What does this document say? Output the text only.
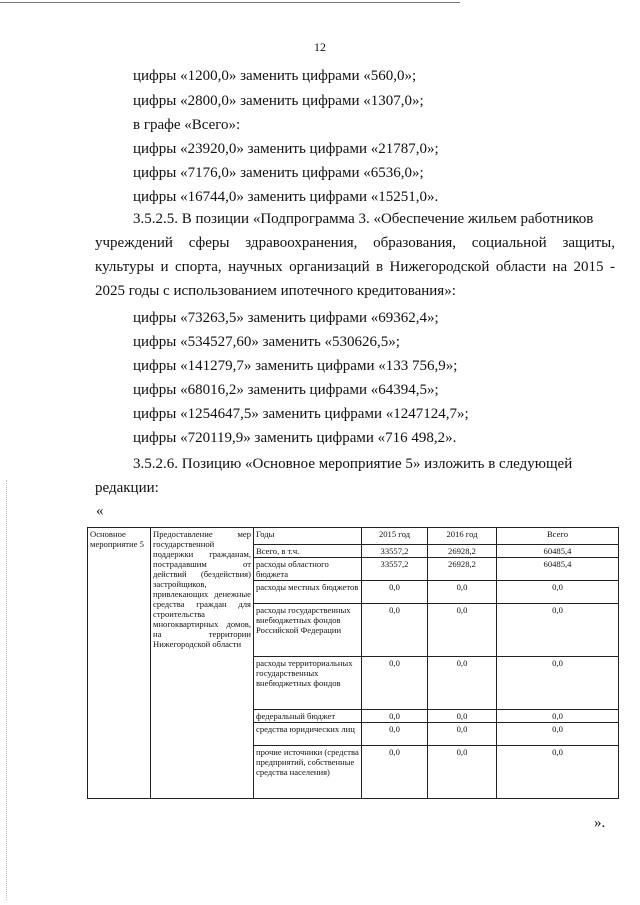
12
цифры «1200,0» заменить цифрами «560,0»;
цифры «2800,0» заменить цифрами «1307,0»;
в графе «Всего»:
цифры «23920,0» заменить цифрами «21787,0»;
цифры «7176,0» заменить цифрами «6536,0»;
цифры «16744,0» заменить цифрами «15251,0».
3.5.2.5. В позиции «Подпрограмма 3. «Обеспечение жильем работников
учреждений сферы здравоохранения, образования, социальной защиты, культуры и спорта, научных организаций в Нижегородской области на 2015 - 2025 годы с использованием ипотечного кредитования»:
цифры «73263,5» заменить цифрами «69362,4»;
цифры «534527,60» заменить «530626,5»;
цифры «141279,7» заменить цифрами «133 756,9»;
цифры «68016,2» заменить цифрами «64394,5»;
цифры «1254647,5» заменить цифрами «1247124,7»;
цифры «720119,9» заменить цифрами «716 498,2».
3.5.2.6. Позицию «Основное мероприятие 5» изложить в следующей
редакции:
«
Основное мероприятие 5	Предоставление мер государственной поддержки гражданам, пострадавшим от действий (бездействия) застройщиков, привлекающих денежные средства граждан для строительства многоквартирных домов, на территории Нижегородской области	Годы	2015 год	2016 год	Всего
		Всего, в т.ч.	33557,2	26928,2	60485,4
		расходы областного бюджета	33557,2	26928,2	60485,4
		расходы местных бюджетов	0,0	0,0	0,0
		расходы государственных внебюджетных фондов Российской Федерации	0,0	0,0	0,0
		расходы территориальных государственных внебюджетных фондов	0,0	0,0	0,0
		федеральный бюджет	0,0	0,0	0,0
		средства юридических лиц	0,0	0,0	0,0
		прочие источники (средства предприятий, собственные средства населения)	0,0	0,0	0,0
».
